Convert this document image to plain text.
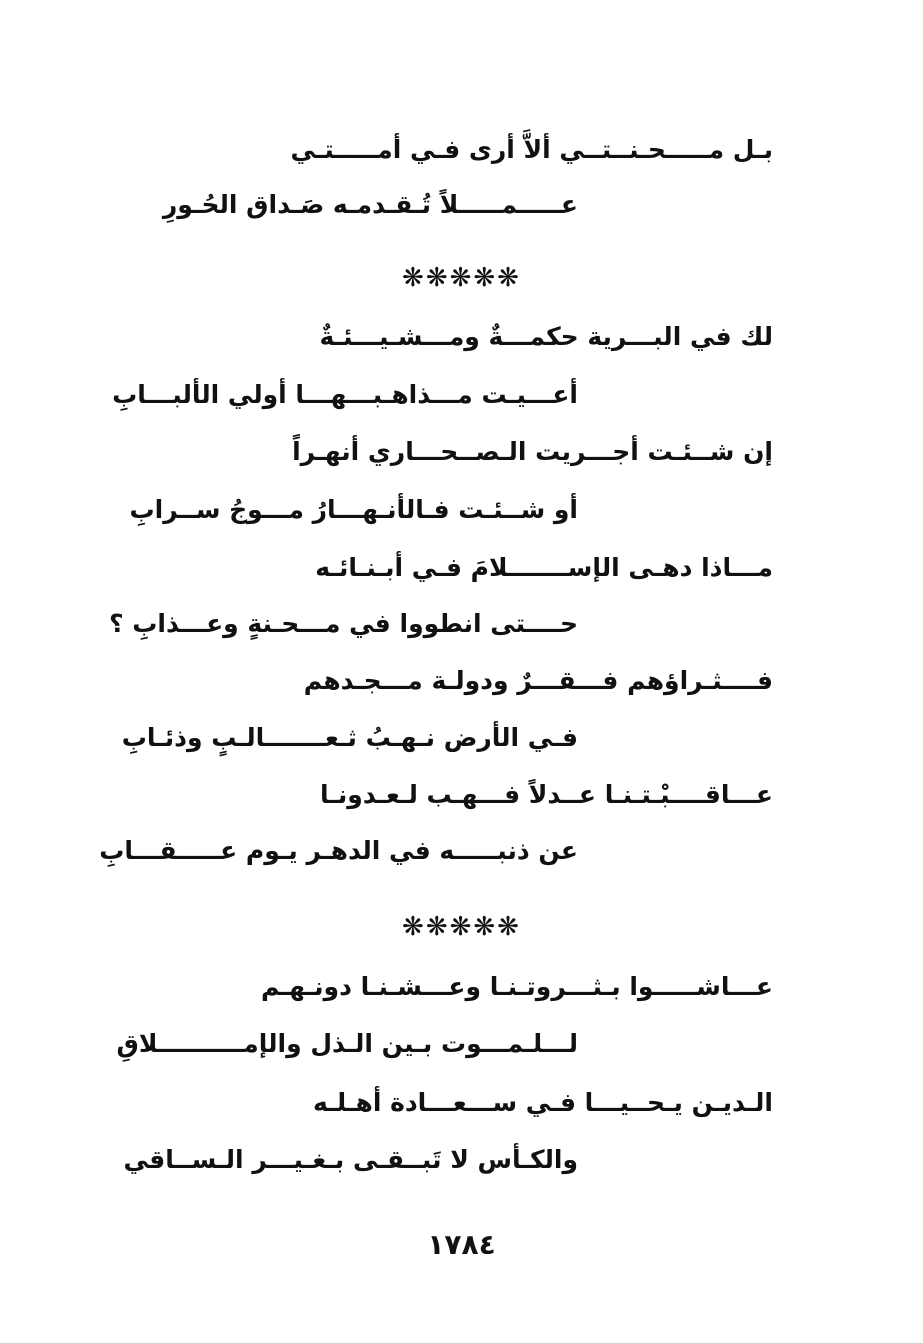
بـل مـــــحـنــتــي ألاَّ أرى فـي أمـــــتـي
عـــــمـــــلاً تُـقـدمـه صَـداق الحُـورِ
❋❋❋❋❋
لك في البـــرية حكمـــةٌ ومـــشـيـــئـةٌ
أعـــيـت مـــذاهـبـــهـــا أولي الألبـــابِ
إن شــئـت أجـــريت الـصــحـــاري أنهـراً
أو شــئـت فـالأنـهـــارُ مـــوجُ ســرابِ
مـــاذا دهـى الإســـــــلامَ فـي أبـنـائـه
حــــتى انطووا في مـــحـنةٍ وعـــذابِ ؟
فــــثـراؤهم فـــقـــرٌ ودولـة مـــجـدهم
فـي الأرض نـهـبُ ثـعـــــــالـبٍ وذئـابِ
عـــاقــــبْـتـنـا عــدلاً فـــهـب لـعـدونـا
عن ذنبـــــه في الدهـر يـوم عـــــقـــابِ
❋❋❋❋❋
عـــاشـــــوا بـثـــروتـنـا وعـــشـنـا دونـهـم
لـــلـمـــوت بـين الـذل والإمــــــــــلاقِ
الـديـن يـحــيـــا فـي ســـعـــادة أهـلـه
والكـأس لا تَبــقـى بـغـيـــر الـســاقي
١٧٨٤
